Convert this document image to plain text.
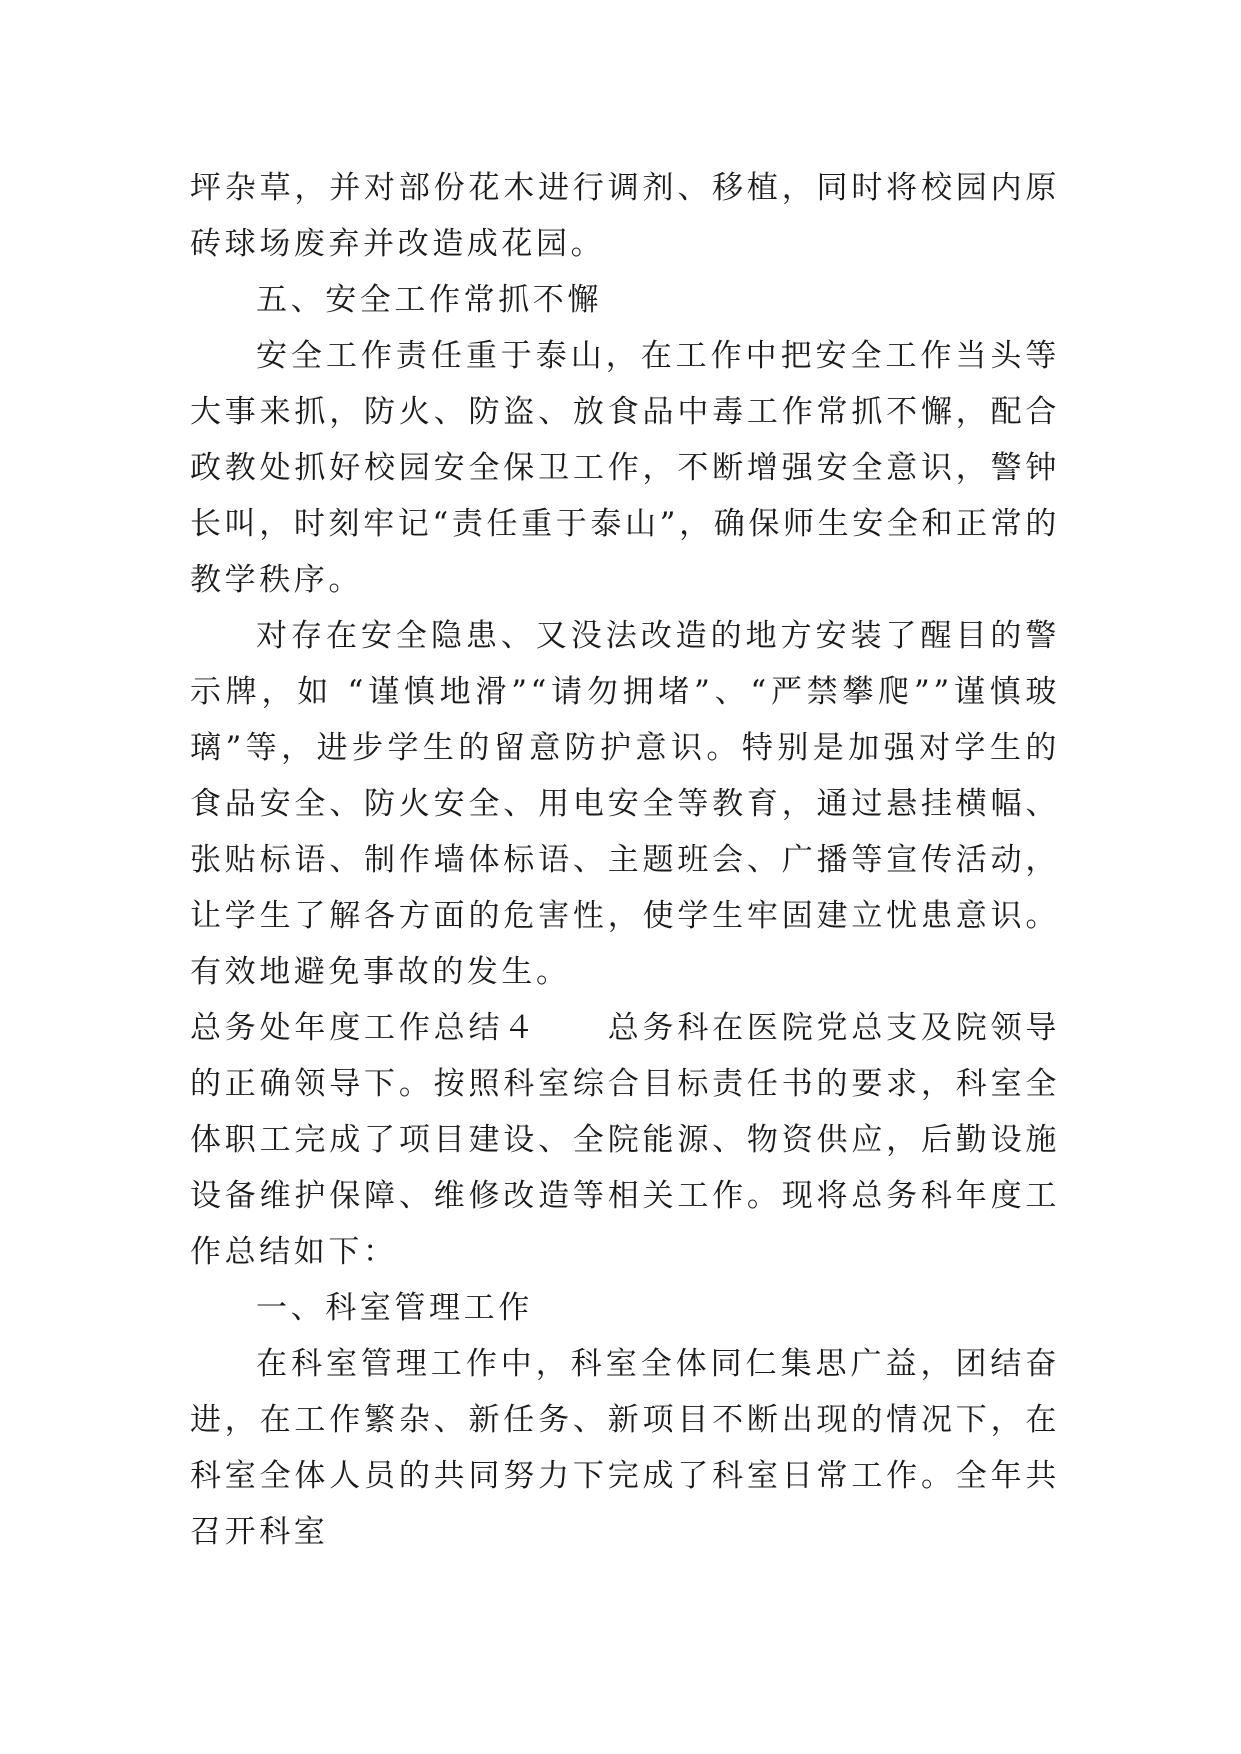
坪杂草，并对部份花木进行调剂、移植，同时将校园内原砖球场废弃并改造成花园。

五、安全工作常抓不懈

安全工作责任重于泰山，在工作中把安全工作当头等大事来抓，防火、防盗、放食品中毒工作常抓不懈，配合政教处抓好校园安全保卫工作，不断增强安全意识，警钟长叫，时刻牢记“责任重于泰山”，确保师生安全和正常的教学秩序。

对存在安全隐患、又没法改造的地方安装了醒目的警示牌，如 “谨慎地滑”“请勿拥堵”、“严禁攀爬””谨慎玻璃”等，进步学生的留意防护意识。特别是加强对学生的食品安全、防火安全、用电安全等教育，通过悬挂横幅、张贴标语、制作墙体标语、主题班会、广播等宣传活动，让学生了解各方面的危害性，使学生牢固建立忧患意识。有效地避免事故的发生。

总务处年度工作总结４　　总务科在医院党总支及院领导的正确领导下。按照科室综合目标责任书的要求，科室全体职工完成了项目建设、全院能源、物资供应，后勤设施设备维护保障、维修改造等相关工作。现将总务科年度工作总结如下：

一、科室管理工作

在科室管理工作中，科室全体同仁集思广益，团结奋进，在工作繁杂、新任务、新项目不断出现的情况下，在科室全体人员的共同努力下完成了科室日常工作。全年共召开科室
